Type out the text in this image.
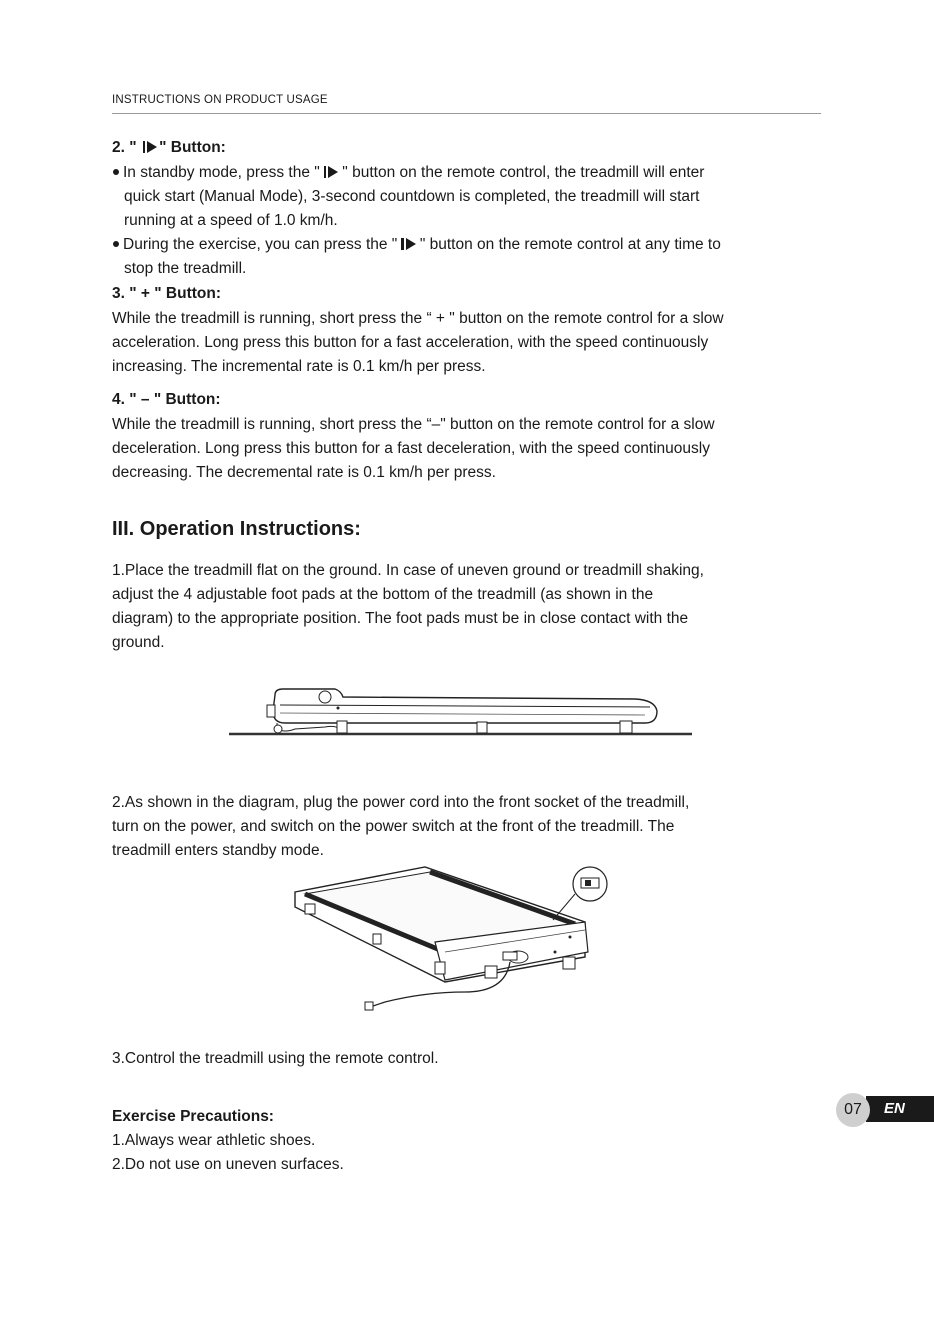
INSTRUCTIONS ON PRODUCT USAGE
2. " " Button:
In standby mode, press the " " button on the remote control, the treadmill will enter
quick start (Manual Mode), 3-second countdown is completed, the treadmill will start
running at a speed of 1.0 km/h.
During the exercise, you can press the " " button on the remote control at any time to
stop the treadmill.
3. " + " Button:
While the treadmill is running, short press the “ + " button on the remote control for a slow
acceleration. Long press this button for a fast acceleration, with the speed continuously
increasing. The incremental rate is 0.1 km/h per press.
4. " – " Button:
While the treadmill is running, short press the “–" button on the remote control for a slow
deceleration. Long press this button for a fast deceleration, with the speed continuously
decreasing. The decremental rate is 0.1 km/h per press.
III. Operation Instructions:
1.Place the treadmill flat on the ground. In case of uneven ground or treadmill shaking,
adjust the 4 adjustable foot pads at the bottom of the treadmill (as shown in the
diagram) to the appropriate position. The foot pads must be in close contact with the
ground.
2.As shown in the diagram, plug the power cord into the front socket of the treadmill,
turn on the power, and switch on the power switch at the front of the treadmill. The
treadmill enters standby mode.
3.Control the treadmill using the remote control.
Exercise Precautions:
1.Always wear athletic shoes.
2.Do not use on uneven surfaces.
EN
07
